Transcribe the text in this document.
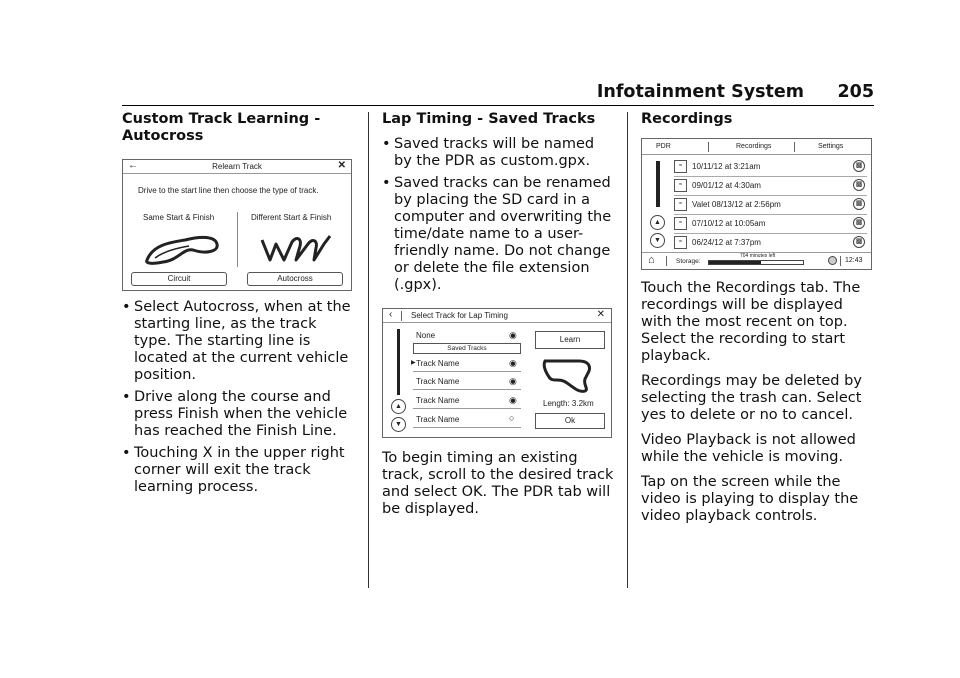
Infotainment System 205
Custom Track Learning - Autocross
←	Relearn Track	✕
Drive to the start line then choose the type of track.
Same Start & Finish	Different Start & Finish
Circuit	Autocross
• Select Autocross, when at the starting line, as the track type. The starting line is located at the current vehicle position.
• Drive along the course and press Finish when the vehicle has reached the Finish Line.
• Touching X in the upper right corner will exit the track learning process.
Lap Timing - Saved Tracks
• Saved tracks will be named by the PDR as custom.gpx.
• Saved tracks can be renamed by placing the SD card in a computer and overwriting the time/date name to a user-friendly name. Do not change or delete the file extension (.gpx).
‹ Select Track for Lap Timing	✕
▲
▼
None	◉
Saved Tracks
▶ Track Name	◉
Track Name	◉
Track Name	◉
Track Name	○
Learn
Length: 3.2km
Ok

To begin timing an existing track, scroll to the desired track and select OK. The PDR tab will be displayed.

Recordings
PDR	Recordings	Settings
▲
▼
≈	10/11/12 at 3:21am	▩
≈	09/01/12 at 4:30am	▩
≈	Valet 08/13/12 at 2:56pm	▩
≈	07/10/12 at 10:05am	▩
≈	06/24/12 at 7:37pm	▩
⌂	Storage:
704 minutes left
12:43

Touch the Recordings tab. The recordings will be displayed with the most recent on top. Select the recording to start playback.

Recordings may be deleted by selecting the trash can. Select yes to delete or no to cancel.

Video Playback is not allowed while the vehicle is moving.

Tap on the screen while the video is playing to display the video playback controls.
